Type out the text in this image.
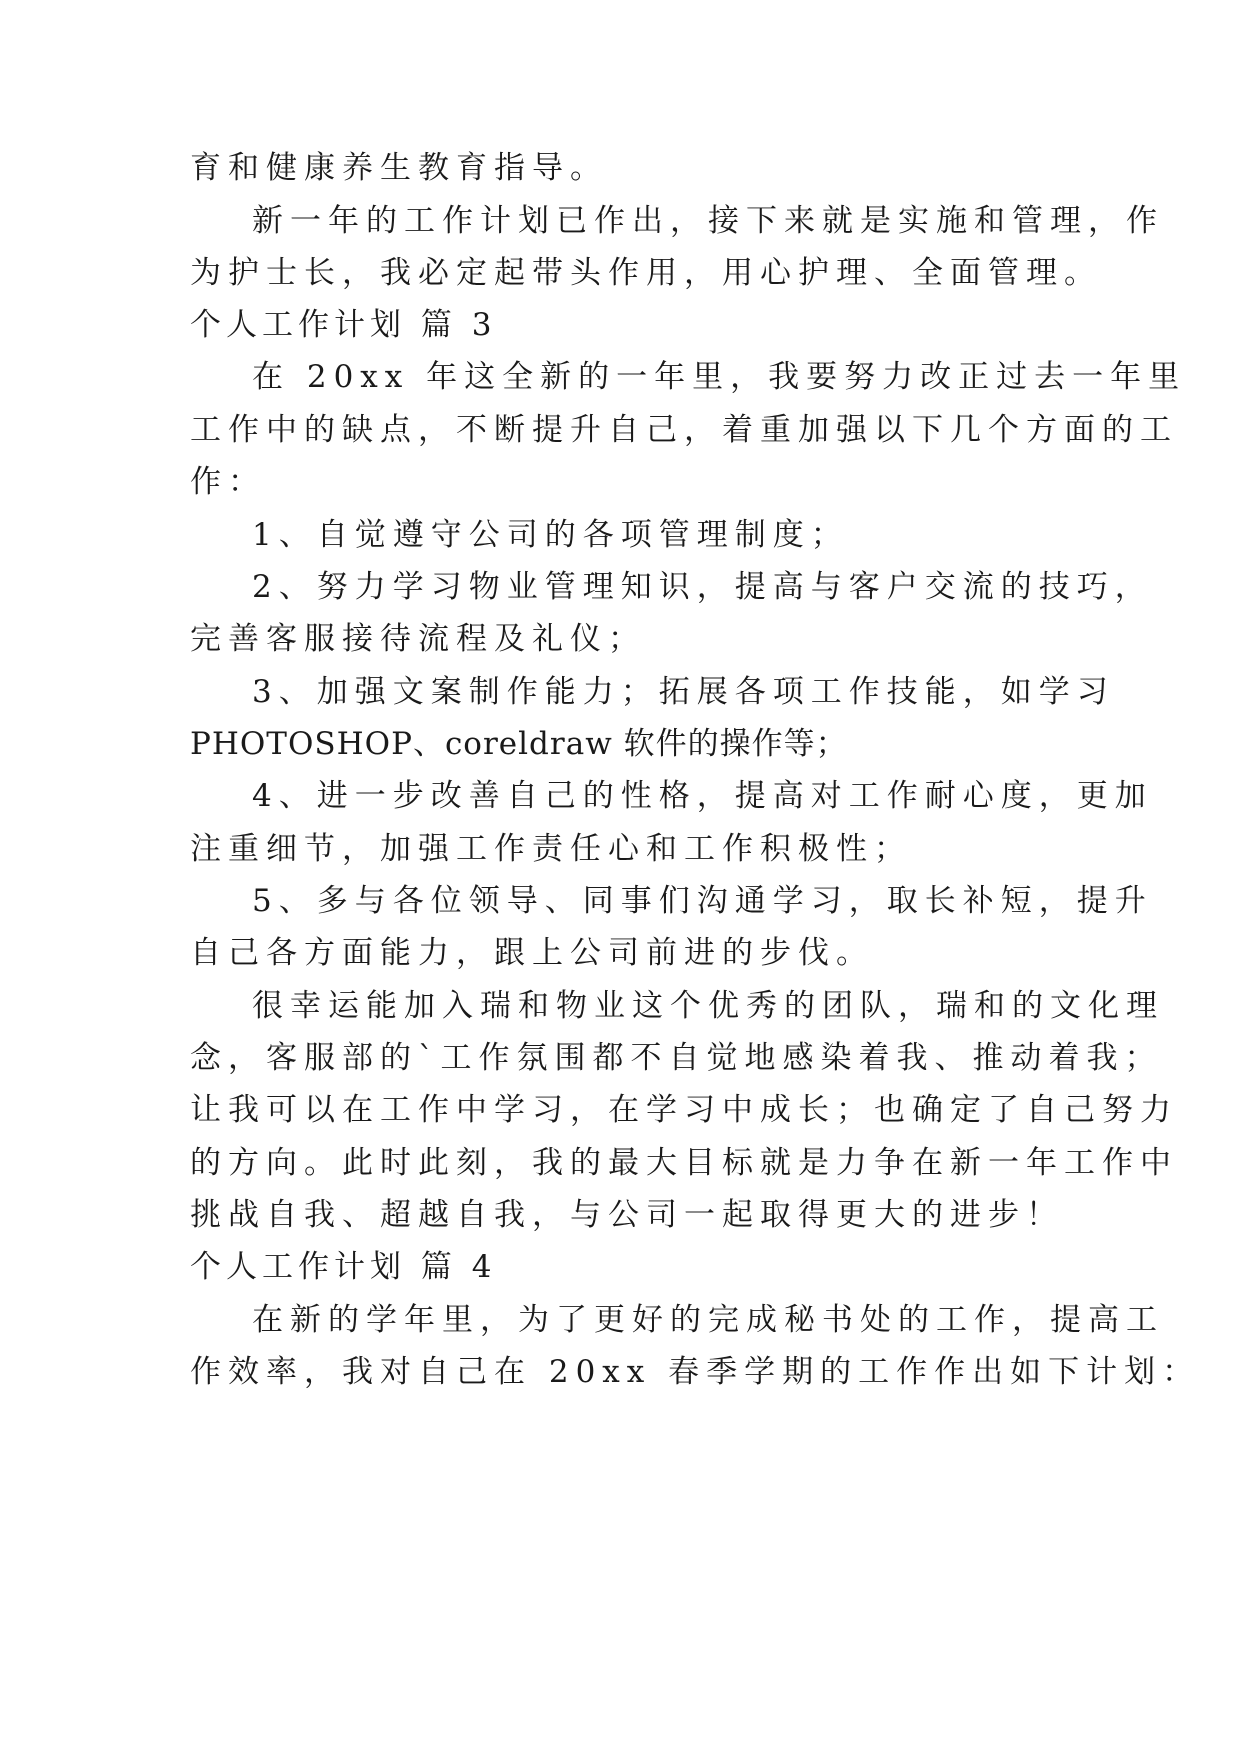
育和健康养生教育指导。
新一年的工作计划已作出，接下来就是实施和管理，作
为护士长，我必定起带头作用，用心护理、全面管理。
个人工作计划 篇 3
在 20xx 年这全新的一年里，我要努力改正过去一年里
工作中的缺点，不断提升自己，着重加强以下几个方面的工
作：
1、自觉遵守公司的各项管理制度；
2、努力学习物业管理知识，提高与客户交流的技巧，
完善客服接待流程及礼仪；
3、加强文案制作能力；拓展各项工作技能，如学习
PHOTOSHOP、coreldraw 软件的操作等；
4、进一步改善自己的性格，提高对工作耐心度，更加
注重细节，加强工作责任心和工作积极性；
5、多与各位领导、同事们沟通学习，取长补短，提升
自己各方面能力，跟上公司前进的步伐。
很幸运能加入瑞和物业这个优秀的团队，瑞和的文化理
念，客服部的`工作氛围都不自觉地感染着我、推动着我；
让我可以在工作中学习，在学习中成长；也确定了自己努力
的方向。此时此刻，我的最大目标就是力争在新一年工作中
挑战自我、超越自我，与公司一起取得更大的进步！
个人工作计划 篇 4
在新的学年里，为了更好的完成秘书处的工作，提高工
作效率，我对自己在 20xx 春季学期的工作作出如下计划：
